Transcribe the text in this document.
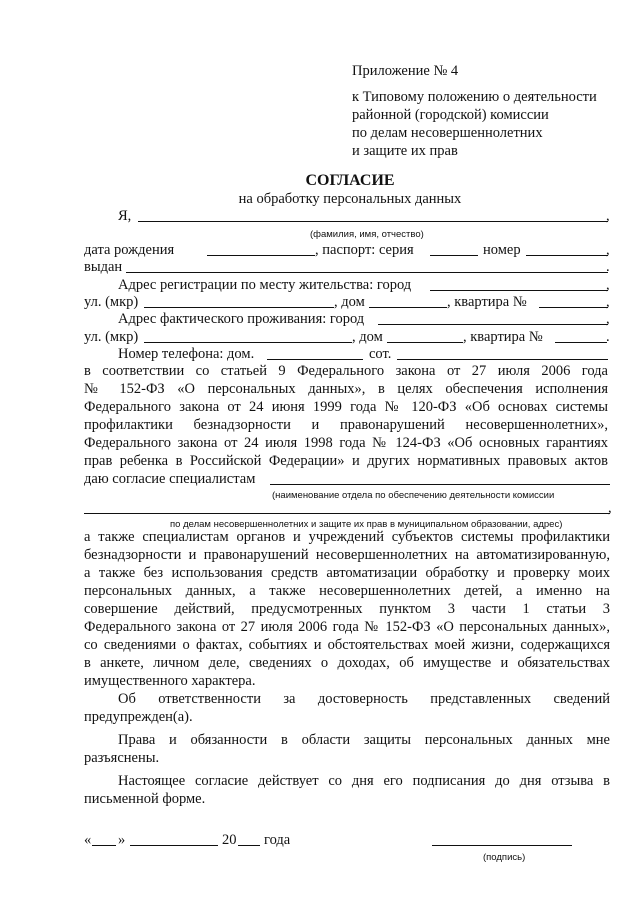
Приложение № 4
к Типовому положению о деятельности
районной (городской) комиссии
по делам несовершеннолетних
и защите их прав
СОГЛАСИЕ
на обработку персональных данных
Я,	,
(фамилия, имя, отчество)
дата рождения	, паспорт: серия	номер	,
выдан	.
Адрес регистрации по месту жительства: город	,
ул. (мкр)	, дом	, квартира №	,
Адрес фактического проживания: город	,
ул. (мкр)	, дом	, квартира №	.
Номер телефона: дом.	сот.
в соответствии со статьей 9 Федерального закона от 27 июля 2006 года
№ 152-ФЗ «О персональных данных», в целях обеспечения исполнения
Федерального закона от 24 июня 1999 года № 120-ФЗ «Об основах системы
профилактики безнадзорности и правонарушений несовершеннолетних»,
Федерального закона от 24 июля 1998 года № 124-ФЗ «Об основных гарантиях
прав ребенка в Российской Федерации» и других нормативных правовых актов
даю согласие специалистам
(наименование отдела по обеспечению деятельности комиссии
,
по делам несовершеннолетних и защите их прав в муниципальном образовании, адрес)
а также специалистам органов и учреждений субъектов системы профилактики
безнадзорности и правонарушений несовершеннолетних на автоматизированную,
а также без использования средств автоматизации обработку и проверку моих
персональных данных, а также несовершеннолетних детей, а именно на
совершение действий, предусмотренных пунктом 3 части 1 статьи 3
Федерального закона от 27 июля 2006 года № 152-ФЗ «О персональных данных»,
со сведениями о фактах, событиях и обстоятельствах моей жизни, содержащихся
в анкете, личном деле, сведениях о доходах, об имуществе и обязательствах
имущественного характера.
Об ответственности за достоверность представленных сведений
предупрежден(а).
Права и обязанности в области защиты персональных данных мне
разъяснены.
Настоящее согласие действует со дня его подписания до дня отзыва в
письменной форме.
« »	20 года
(подпись)
